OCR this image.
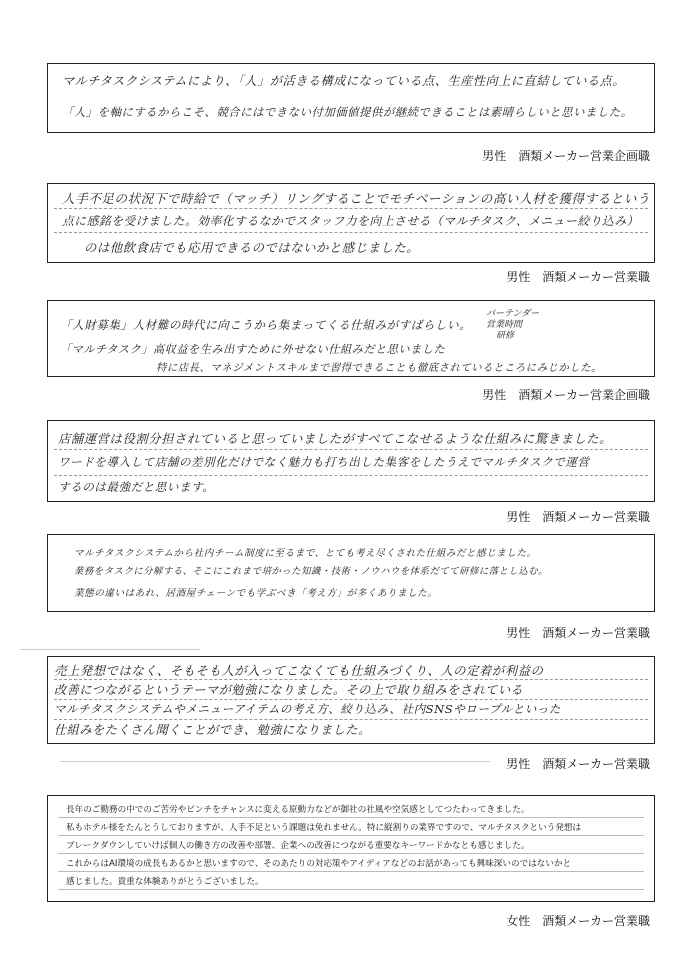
マルチタスクシステムにより、「人」が活きる構成になっている点、生産性向上に直結している点。
「人」を軸にするからこそ、競合にはできない付加価値提供が継続できることは素晴らしいと思いました。
男性　酒類メーカー営業企画職
人手不足の状況下で時給で（マッチ）リングすることでモチベーションの高い人材を獲得するという
点に感銘を受けました。効率化するなかでスタッフ力を向上させる（マルチタスク、メニュー絞り込み）
のは他飲食店でも応用できるのではないかと感じました。
男性　酒類メーカー営業職
「人財募集」人材難の時代に向こうから集まってくる仕組みがすばらしい。
「マルチタスク」高収益を生み出すために外せない仕組みだと思いました
特に店長、マネジメントスキルまで習得できることも徹底されているところにみじかした。
パーテンダー
営業時間
研修
男性　酒類メーカー営業企画職
店舗運営は役割分担されていると思っていましたがすべてこなせるような仕組みに驚きました。
ワードを導入して店舗の差別化だけでなく魅力も打ち出した集客をしたうえでマルチタスクで運営
するのは最強だと思います。
男性　酒類メーカー営業職
マルチタスクシステムから社内チーム制度に至るまで、とても考え尽くされた仕組みだと感じました。
業務をタスクに分解する、そこにこれまで培かった知識・技術・ノウハウを体系だてて研修に落とし込む。
業態の違いはあれ、居酒屋チェーンでも学ぶべき「考え方」が多くありました。
男性　酒類メーカー営業職
売上発想ではなく、そもそも人が入ってこなくても仕組みづくり、人の定着が利益の
改善につながるというテーマが勉強になりました。その上で取り組みをされている
マルチタスクシステムやメニューアイテムの考え方、絞り込み、社内SNSやロープルといった
仕組みをたくさん聞くことができ、勉強になりました。
男性　酒類メーカー営業職
長年のご勤務の中でのご苦労やピンチをチャンスに変える原動力などが御社の社風や空気感としてつたわってきました。
私もホテル様をたんとうしておりますが、人手不足という課題は免れません。特に縦割りの業界ですので、マルチタスクという発想は
ブレークダウンしていけば個人の働き方の改善や部署、企業への改善につながる重要なキーワードかなとも感じました。
これからはAI環境の成長もあるかと思いますので、そのあたりの対応策やアイディアなどのお話があっても興味深いのではないかと
感じました。貴重な体験ありがとうございました。
女性　酒類メーカー営業職
